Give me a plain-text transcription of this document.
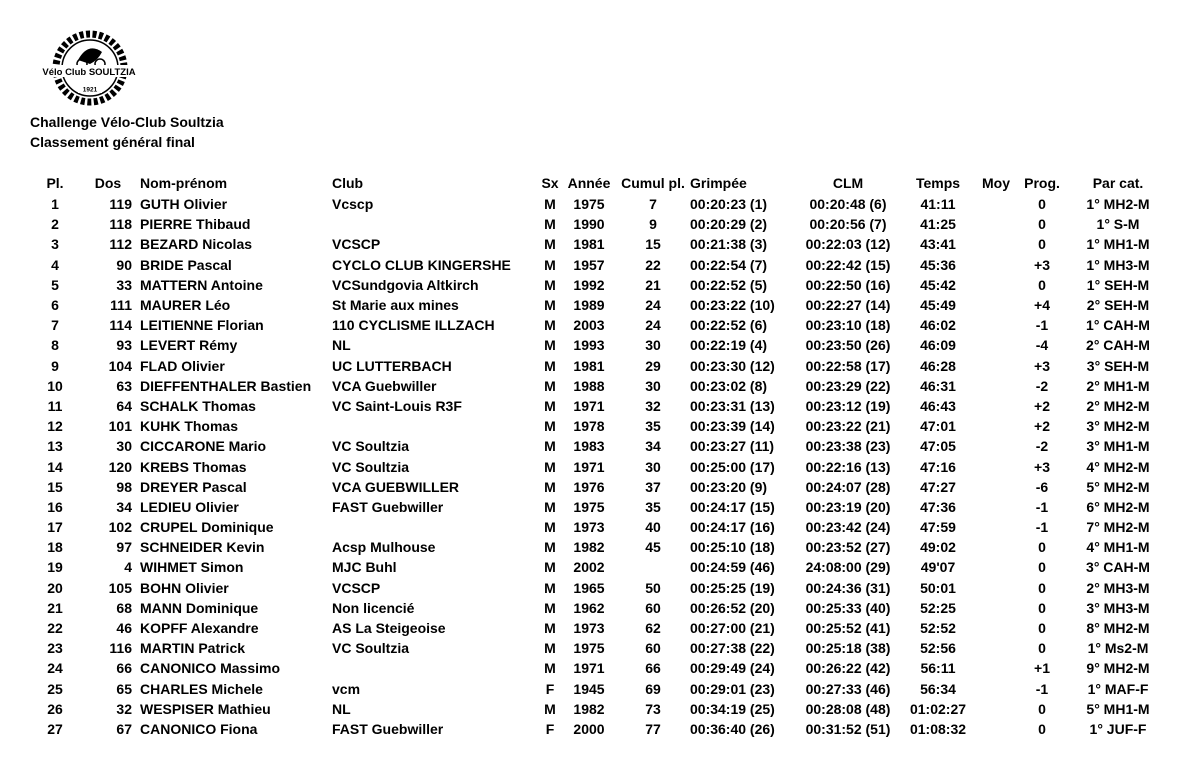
Vélo Club SOULTZIA
1921
Challenge Vélo-Club Soultzia
Classement général final
Pl.	Dos	Nom-prénom	Club	Sx	Année	Cumul pl.	Grimpée	CLM	Temps	Moy	Prog.	Par cat.
1	119	GUTH Olivier	Vcscp	M	1975	7	00:20:23 (1)	00:20:48 (6)	41:11		0	1° MH2-M
2	118	PIERRE Thibaud		M	1990	9	00:20:29 (2)	00:20:56 (7)	41:25		0	1° S-M
3	112	BEZARD Nicolas	VCSCP	M	1981	15	00:21:38 (3)	00:22:03 (12)	43:41		0	1° MH1-M
4	90	BRIDE Pascal	CYCLO CLUB KINGERSHE	M	1957	22	00:22:54 (7)	00:22:42 (15)	45:36		+3	1° MH3-M
5	33	MATTERN Antoine	VCSundgovia Altkirch	M	1992	21	00:22:52 (5)	00:22:50 (16)	45:42		0	1° SEH-M
6	111	MAURER Léo	St Marie aux mines	M	1989	24	00:23:22 (10)	00:22:27 (14)	45:49		+4	2° SEH-M
7	114	LEITIENNE Florian	110 CYCLISME ILLZACH	M	2003	24	00:22:52 (6)	00:23:10 (18)	46:02		-1	1° CAH-M
8	93	LEVERT Rémy	NL	M	1993	30	00:22:19 (4)	00:23:50 (26)	46:09		-4	2° CAH-M
9	104	FLAD Olivier	UC LUTTERBACH	M	1981	29	00:23:30 (12)	00:22:58 (17)	46:28		+3	3° SEH-M
10	63	DIEFFENTHALER Bastien	VCA Guebwiller	M	1988	30	00:23:02 (8)	00:23:29 (22)	46:31		-2	2° MH1-M
11	64	SCHALK Thomas	VC Saint-Louis R3F	M	1971	32	00:23:31 (13)	00:23:12 (19)	46:43		+2	2° MH2-M
12	101	KUHK Thomas		M	1978	35	00:23:39 (14)	00:23:22 (21)	47:01		+2	3° MH2-M
13	30	CICCARONE Mario	VC Soultzia	M	1983	34	00:23:27 (11)	00:23:38 (23)	47:05		-2	3° MH1-M
14	120	KREBS Thomas	VC Soultzia	M	1971	30	00:25:00 (17)	00:22:16 (13)	47:16		+3	4° MH2-M
15	98	DREYER Pascal	VCA GUEBWILLER	M	1976	37	00:23:20 (9)	00:24:07 (28)	47:27		-6	5° MH2-M
16	34	LEDIEU Olivier	FAST Guebwiller	M	1975	35	00:24:17 (15)	00:23:19 (20)	47:36		-1	6° MH2-M
17	102	CRUPEL Dominique		M	1973	40	00:24:17 (16)	00:23:42 (24)	47:59		-1	7° MH2-M
18	97	SCHNEIDER Kevin	Acsp Mulhouse	M	1982	45	00:25:10 (18)	00:23:52 (27)	49:02		0	4° MH1-M
19	4	WIHMET Simon	MJC Buhl	M	2002		00:24:59 (46)	24:08:00 (29)	49'07		0	3° CAH-M
20	105	BOHN Olivier	VCSCP	M	1965	50	00:25:25 (19)	00:24:36 (31)	50:01		0	2° MH3-M
21	68	MANN Dominique	Non licencié	M	1962	60	00:26:52 (20)	00:25:33 (40)	52:25		0	3° MH3-M
22	46	KOPFF Alexandre	AS La Steigeoise	M	1973	62	00:27:00 (21)	00:25:52 (41)	52:52		0	8° MH2-M
23	116	MARTIN Patrick	VC Soultzia	M	1975	60	00:27:38 (22)	00:25:18 (38)	52:56		0	1° Ms2-M
24	66	CANONICO Massimo		M	1971	66	00:29:49 (24)	00:26:22 (42)	56:11		+1	9° MH2-M
25	65	CHARLES Michele	vcm	F	1945	69	00:29:01 (23)	00:27:33 (46)	56:34		-1	1° MAF-F
26	32	WESPISER Mathieu	NL	M	1982	73	00:34:19 (25)	00:28:08 (48)	01:02:27		0	5° MH1-M
27	67	CANONICO Fiona	FAST Guebwiller	F	2000	77	00:36:40 (26)	00:31:52 (51)	01:08:32		0	1° JUF-F
